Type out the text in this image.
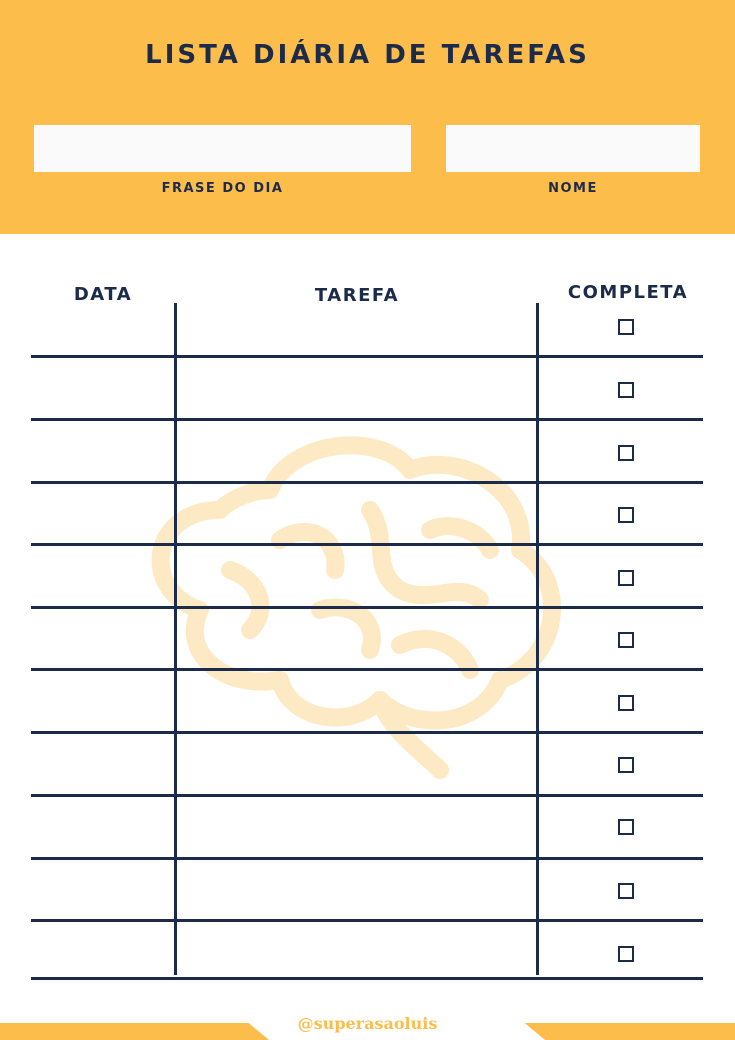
LISTA DIÁRIA DE TAREFAS
FRASE DO DIA	NOME
DATA	TAREFA	COMPLETA
@superasaoluis
